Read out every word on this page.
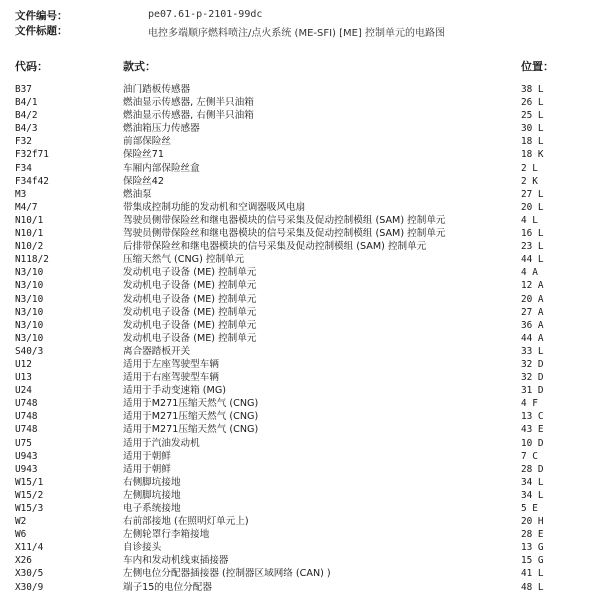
文件编号：	pe07.61-p-2101-99dc
文件标题：	电控多端顺序燃料喷注/点火系统 (ME-SFI) [ME] 控制单元的电路图
代码：	款式：	位置：
B37	油门踏板传感器	38 L
B4/1	燃油显示传感器, 左侧半只油箱	26 L
B4/2	燃油显示传感器, 右侧半只油箱	25 L
B4/3	燃油箱压力传感器	30 L
F32	前部保险丝	18 L
F32f71	保险丝71	18 K
F34	车厢内部保险丝盒	2 L
F34f42	保险丝42	2 K
M3	燃油泵	27 L
M4/7	带集成控制功能的发动机和空调器吸风电扇	20 L
N10/1	驾驶员侧带保险丝和继电器模块的信号采集及促动控制模组 (SAM) 控制单元	4 L
N10/1	驾驶员侧带保险丝和继电器模块的信号采集及促动控制模组 (SAM) 控制单元	16 L
N10/2	后排带保险丝和继电器模块的信号采集及促动控制模组 (SAM) 控制单元	23 L
N118/2	压缩天然气 (CNG) 控制单元	44 L
N3/10	发动机电子设备 (ME) 控制单元	4 A
N3/10	发动机电子设备 (ME) 控制单元	12 A
N3/10	发动机电子设备 (ME) 控制单元	20 A
N3/10	发动机电子设备 (ME) 控制单元	27 A
N3/10	发动机电子设备 (ME) 控制单元	36 A
N3/10	发动机电子设备 (ME) 控制单元	44 A
S40/3	离合器踏板开关	33 L
U12	适用于左座驾驶型车辆	32 D
U13	适用于右座驾驶型车辆	32 D
U24	适用于手动变速箱 (MG)	31 D
U748	适用于M271压缩天然气 (CNG)	4 F
U748	适用于M271压缩天然气 (CNG)	13 C
U748	适用于M271压缩天然气 (CNG)	43 E
U75	适用于汽油发动机	10 D
U943	适用于朝鲜	7 C
U943	适用于朝鲜	28 D
W15/1	右侧脚坑接地	34 L
W15/2	左侧脚坑接地	34 L
W15/3	电子系统接地	5 E
W2	右前部接地 (在照明灯单元上)	20 H
W6	左侧轮罩行李箱接地	28 E
X11/4	自诊接头	13 G
X26	车内和发动机线束插接器	15 G
X30/5	左侧电位分配器插接器 (控制器区域网络 (CAN) )	41 L
X30/9	端子15的电位分配器	48 L
